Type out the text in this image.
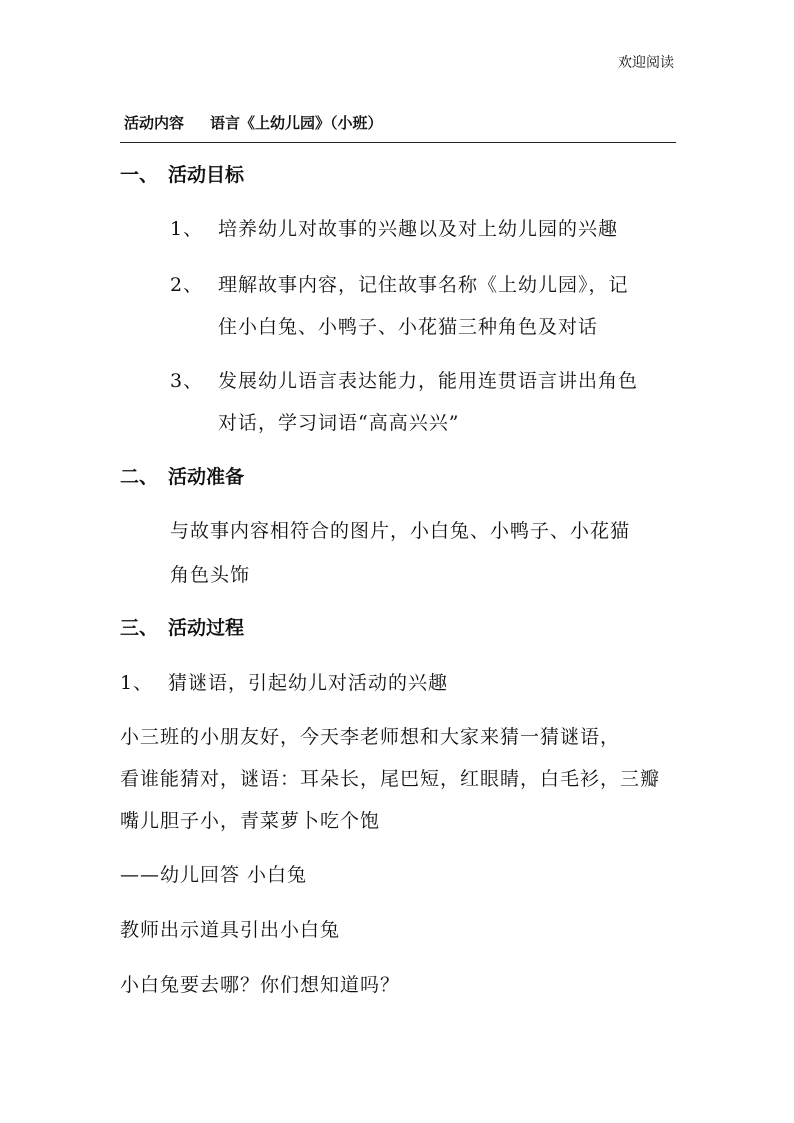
欢迎阅读
活动内容 语言《上幼儿园》（小班）
一、 活动目标
1、 培养幼儿对故事的兴趣以及对上幼儿园的兴趣
2、 理解故事内容，记住故事名称《上幼儿园》，记
住小白兔、小鸭子、小花猫三种角色及对话
3、 发展幼儿语言表达能力，能用连贯语言讲出角色
对话，学习词语“高高兴兴”
二、 活动准备
与故事内容相符合的图片，小白兔、小鸭子、小花猫
角色头饰
三、 活动过程
1、 猜谜语，引起幼儿对活动的兴趣
小三班的小朋友好，今天李老师想和大家来猜一猜谜语，
看谁能猜对，谜语：耳朵长，尾巴短，红眼睛，白毛衫，三瓣
嘴儿胆子小，青菜萝卜吃个饱
——幼儿回答 小白兔
教师出示道具引出小白兔
小白兔要去哪？你们想知道吗？
